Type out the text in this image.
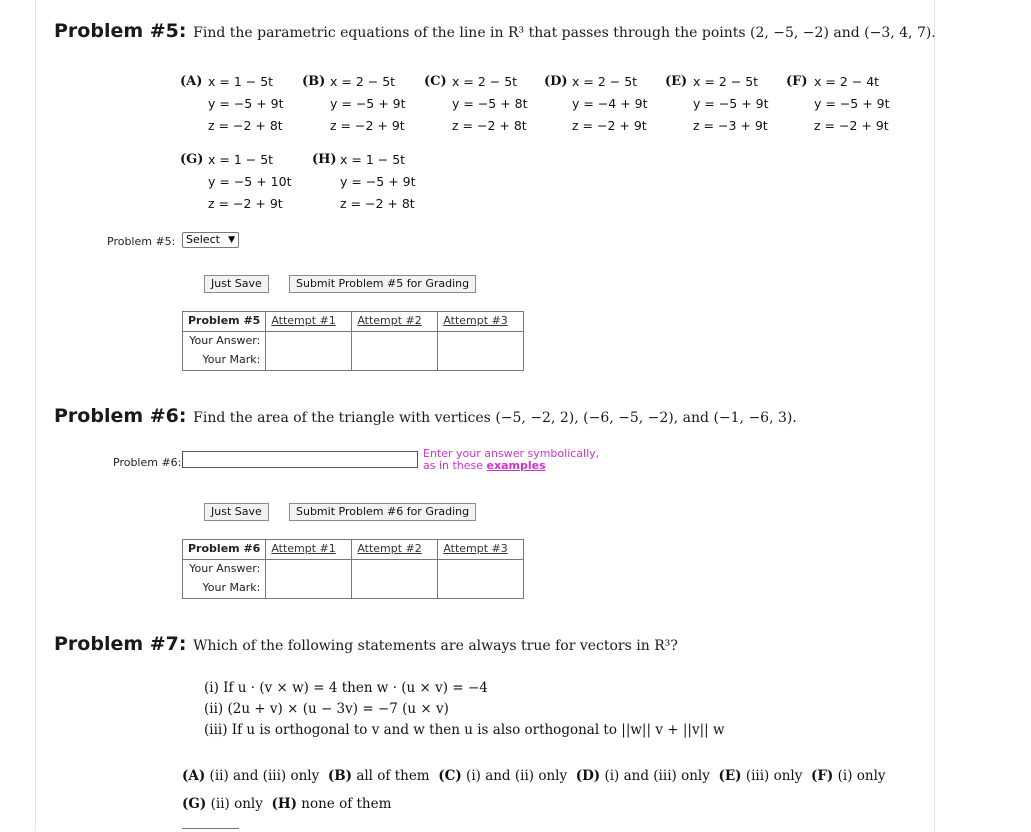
Problem #5: Find the parametric equations of the line in R³ that passes through the points (2, −5, −2) and (−3, 4, 7).
(A) x = 1 − 5t
y = −5 + 9t
z = −2 + 8t
(B) x = 2 − 5t
y = −5 + 9t
z = −2 + 9t
(C) x = 2 − 5t
y = −5 + 8t
z = −2 + 8t
(D) x = 2 − 5t
y = −4 + 9t
z = −2 + 9t
(E) x = 2 − 5t
y = −5 + 9t
z = −3 + 9t
(F) x = 2 − 4t
y = −5 + 9t
z = −2 + 9t
(G) x = 1 − 5t
y = −5 + 10t
z = −2 + 9t
(H) x = 1 − 5t
y = −5 + 9t
z = −2 + 8t
Problem #5: Select ▼
Just Save	Submit Problem #5 for Grading
Problem #5	Attempt #1	Attempt #2	Attempt #3
Your Answer:			
Your Mark:			
Problem #6: Find the area of the triangle with vertices (−5, −2, 2), (−6, −5, −2), and (−1, −6, 3).
Problem #6:
Enter your answer symbolically,
as in these examples
Just Save	Submit Problem #6 for Grading
Problem #6	Attempt #1	Attempt #2	Attempt #3
Your Answer:			
Your Mark:			
Problem #7: Which of the following statements are always true for vectors in R³?
(i) If u · (v × w) = 4 then w · (u × v) = −4
(ii) (2u + v) × (u − 3v) = −7 (u × v)
(iii) If u is orthogonal to v and w then u is also orthogonal to ||w|| v + ||v|| w
(A) (ii) and (iii) only (B) all of them (C) (i) and (ii) only (D) (i) and (iii) only (E) (iii) only (F) (i) only
(G) (ii) only (H) none of them
